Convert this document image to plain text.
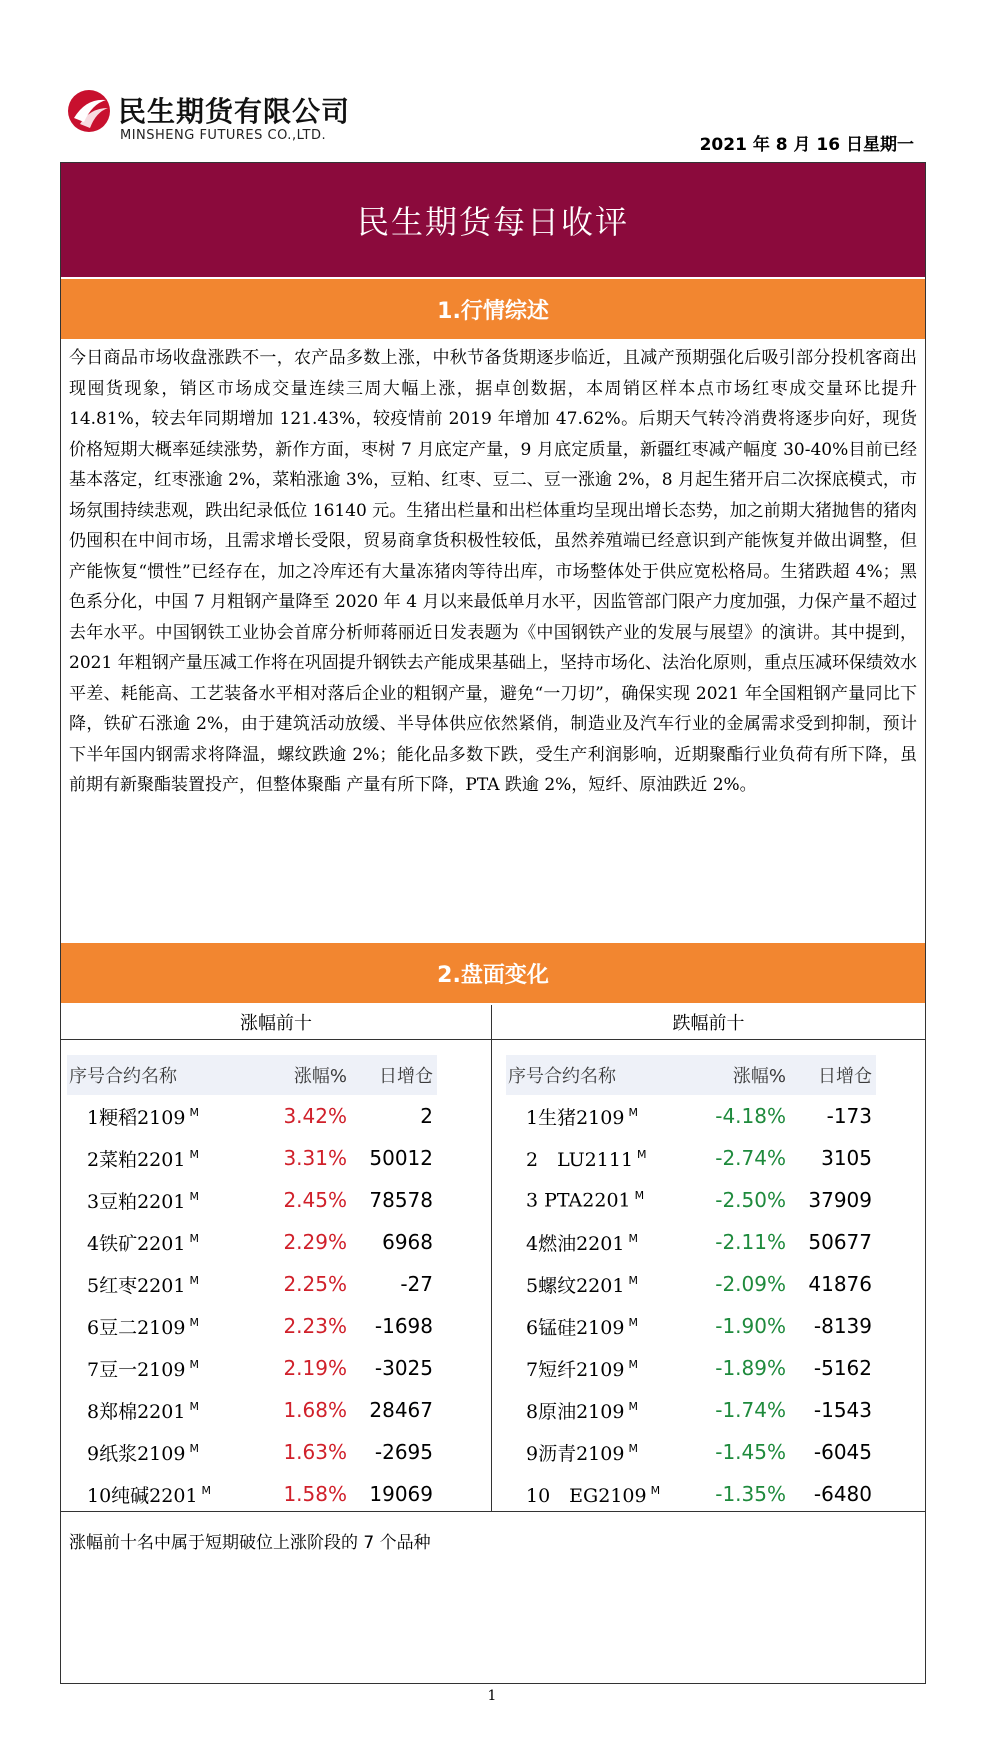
民生期货有限公司
MINSHENG FUTURES CO.,LTD.	2021 年 8 月 16 日星期一
民生期货每日收评
1.行情综述

今日商品市场收盘涨跌不一，农产品多数上涨，中秋节备货期逐步临近，且减产预期强化后吸引部分投机客商出现囤货现象，销区市场成交量连续三周大幅上涨，据卓创数据，本周销区样本点市场红枣成交量环比提升 14.81%，较去年同期增加 121.43%，较疫情前 2019 年增加 47.62%。后期天气转冷消费将逐步向好，现货价格短期大概率延续涨势，新作方面，枣树 7 月底定产量，9 月底定质量，新疆红枣减产幅度 30-40%目前已经基本落定，红枣涨逾 2%，菜粕涨逾 3%，豆粕、红枣、豆二、豆一涨逾 2%，8 月起生猪开启二次探底模式，市场氛围持续悲观，跌出纪录低位 16140 元。生猪出栏量和出栏体重均呈现出增长态势，加之前期大猪抛售的猪肉仍囤积在中间市场，且需求增长受限，贸易商拿货积极性较低，虽然养殖端已经意识到产能恢复并做出调整，但产能恢复“惯性”已经存在，加之冷库还有大量冻猪肉等待出库，市场整体处于供应宽松格局。生猪跌超 4%；黑色系分化，中国 7 月粗钢产量降至 2020 年 4 月以来最低单月水平，因监管部门限产力度加强，力保产量不超过去年水平。中国钢铁工业协会首席分析师蒋丽近日发表题为《中国钢铁产业的发展与展望》的演讲。其中提到，2021 年粗钢产量压减工作将在巩固提升钢铁去产能成果基础上，坚持市场化、法治化原则，重点压减环保绩效水平差、耗能高、工艺装备水平相对落后企业的粗钢产量，避免“一刀切”，确保实现 2021 年全国粗钢产量同比下降，铁矿石涨逾 2%，由于建筑活动放缓、半导体供应依然紧俏，制造业及汽车行业的金属需求受到抑制，预计下半年国内钢需求将降温，螺纹跌逾 2%；能化品多数下跌，受生产利润影响，近期聚酯行业负荷有所下降，虽前期有新聚酯装置投产，但整体聚酯 产量有所下降，PTA 跌逾 2%，短纤、原油跌近 2%。

2.盘面变化
涨幅前十
序号合约名称	涨幅%	日增仓
1粳稻2109 $^M$	3.42%	2
2菜粕2201 $^M$	3.31%	50012
3豆粕2201 $^M$	2.45%	78578
4铁矿2201 $^M$	2.29%	6968
5红枣2201 $^M$	2.25%	-27
6豆二2109 $^M$	2.23%	-1698
7豆一2109 $^M$	2.19%	-3025
8郑棉2201 $^M$	1.68%	28467
9纸浆2109 $^M$	1.63%	-2695
10纯碱2201 $^M$	1.58%	19069
跌幅前十
序号合约名称	涨幅%	日增仓
1生猪2109 $^M$	-4.18%	-173
2　LU2111 $^M$	-2.74%	3105
3 PTA2201 $^M$	-2.50%	37909
4燃油2201 $^M$	-2.11%	50677
5螺纹2201 $^M$	-2.09%	41876
6锰硅2109 $^M$	-1.90%	-8139
7短纤2109 $^M$	-1.89%	-5162
8原油2109 $^M$	-1.74%	-1543
9沥青2109 $^M$	-1.45%	-6045
10　EG2109 $^M$	-1.35%	-6480
涨幅前十名中属于短期破位上涨阶段的 7 个品种
1
